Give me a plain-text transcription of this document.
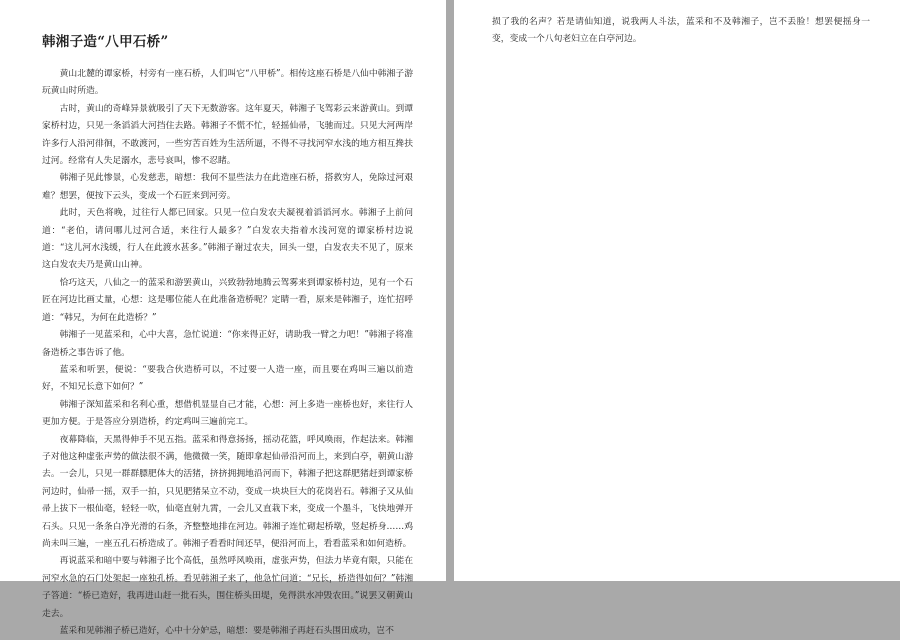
韩湘子造“八甲石桥”

黄山北麓的谭家桥，村旁有一座石桥，人们叫它“八甲桥”。相传这座石桥是八仙中韩湘子游玩黄山时所造。

古时，黄山的奇峰异景就吸引了天下无数游客。这年夏天，韩湘子飞驾彩云来游黄山。到谭家桥村边，只见一条滔滔大河挡住去路。韩湘子不慌不忙，轻摇仙帚，飞驰而过。只见大河两岸许多行人沿河徘徊，不敢渡河，一些穷苦百姓为生活所逼，不得不寻找河窄水浅的地方相互搀扶过河。经常有人失足溺水，悲号哀叫，惨不忍睹。

韩湘子见此惨景，心发慈悲，暗想：我何不显些法力在此造座石桥，搭救穷人，免除过河艰难？想罢，便按下云头，变成一个石匠来到河旁。

此时，天色将晚，过往行人都已回家。只见一位白发农夫凝视着滔滔河水。韩湘子上前问道：“老伯，请问哪儿过河合适，来往行人最多？”白发农夫指着水浅河宽的谭家桥村边说道：“这儿河水浅缓，行人在此渡水甚多。”韩湘子谢过农夫，回头一望，白发农夫不见了，原来这白发农夫乃是黄山山神。

恰巧这天，八仙之一的蓝采和游罢黄山，兴致勃勃地腾云驾雾来到谭家桥村边，见有一个石匠在河边比画丈量，心想：这是哪位能人在此准备造桥呢？定睛一看，原来是韩湘子，连忙招呼道：“韩兄，为何在此造桥？”

韩湘子一见蓝采和，心中大喜，急忙说道：“你来得正好，请助我一臂之力吧！”韩湘子将准备造桥之事告诉了他。

蓝采和听罢，便说：“要我合伙造桥可以，不过要一人造一座，而且要在鸡叫三遍以前造好，不知兄长意下如何？”

韩湘子深知蓝采和名利心重，想借机显显自己才能，心想：河上多造一座桥也好，来往行人更加方便。于是答应分别造桥，约定鸡叫三遍前完工。

夜幕降临，天黑得伸手不见五指。蓝采和得意扬扬，摇动花篮，呼风唤雨，作起法来。韩湘子对他这种虚张声势的做法很不满，他微微一笑，随即拿起仙帚沿河而上，来到白亭，朝黄山游去。一会儿，只见一群群膘肥体大的活猪，挤挤拥拥地沿河而下，韩湘子把这群肥猪赶到谭家桥河边时，仙帚一摇，双手一拍，只见肥猪呆立不动，变成一块块巨大的花岗岩石。韩湘子又从仙帚上拔下一根仙毫，轻轻一吹，仙毫直射九霄，一会儿又直栽下来，变成一个墨斗，飞快地弹开石头。只见一条条白净光滑的石条，齐整整地排在河边。韩湘子连忙砌起桥墩，竖起桥身……鸡尚未叫三遍，一座五孔石桥造成了。韩湘子看看时间还早，便沿河而上，看看蓝采和如何造桥。

再说蓝采和暗中要与韩湘子比个高低，虽然呼风唤雨，虚张声势，但法力毕竟有限，只能在河窄水急的石门处架起一座独孔桥。看见韩湘子来了，他急忙问道：“兄长，桥造得如何？”韩湘子答道：“桥已造好，我再进山赶一批石头，围住桥头田堤，免得洪水冲毁农田。”说罢又朝黄山走去。

蓝采和见韩湘子桥已造好，心中十分妒忌，暗想：要是韩湘子再赶石头围田成功，岂不

损了我的名声？若是请仙知道，说我两人斗法，蓝采和不及韩湘子，岂不丢脸！想罢便摇身一变，变成一个八旬老妇立在白亭河边。
